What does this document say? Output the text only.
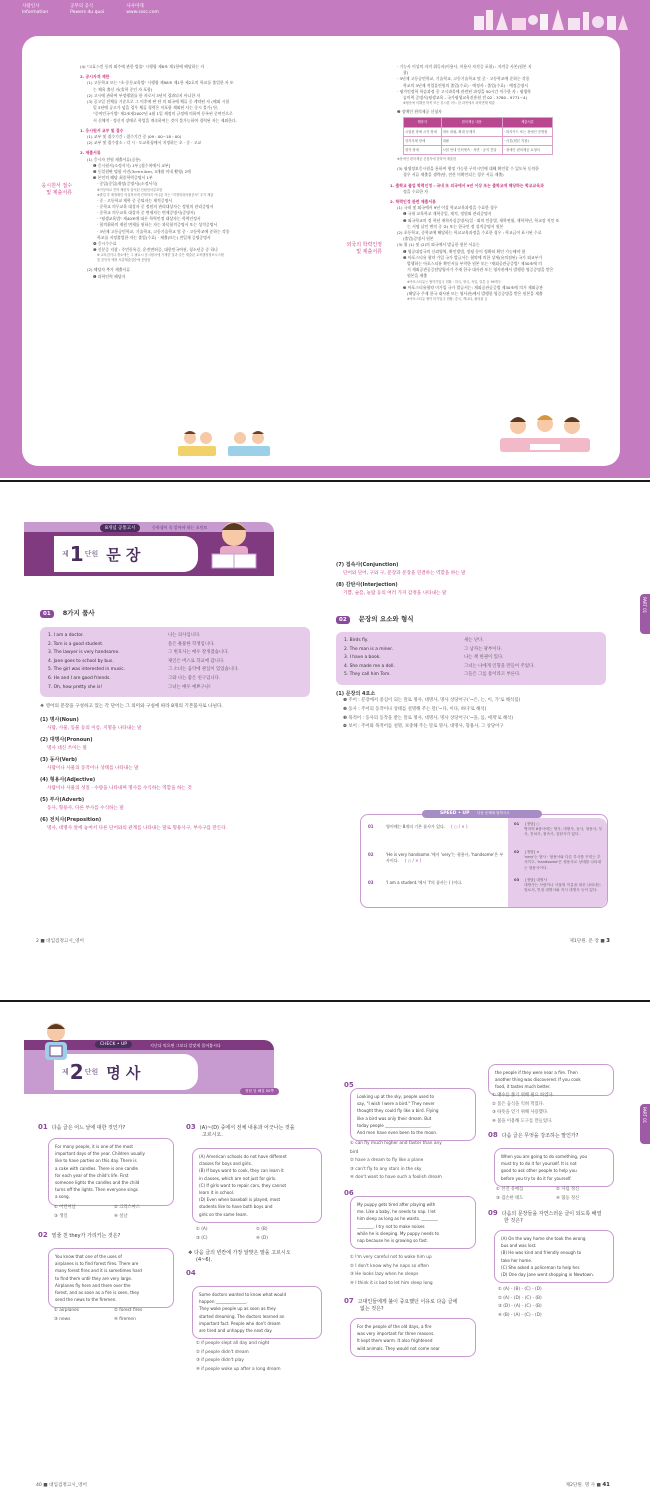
사람인사
Information
공무의 공식
Powers du quoi
사사미래
www.sssc.com
(4) "고효스킨 등의 외주에 관한 법률" 시행령 제8조 제1항에 해당하는 자
2. 공시자격 제한
(1) 고등학교 또는 "초·중등교육법" 시행령 제98조 제1항 제2호의 학교를 졸업한 자 또
는 체육 출신 자(휴학 중인 자 포함)
(2) 고시에 관하여 부정행위를 한 자로서 3년이 경과되지 아니한 자
(3) 공고일 전체를 기준으로 그 이후에 판 단 의 외국에 체류 중 계약된 자 (해외 시험
일 5년에 공고가 넘을 경우 체류 경력은 미포함 제외된 사는 중시 불가) 단,
"중여인국가법" 제2조제2007년 4월 1일 제정의 규정에 의하여 등록된 중여인으로
서 신체적 · 정신적 장애로 학업을 계속하여는 것이 불가능하여 경력된 자는 제외한다.
1. 응시원서 교부 및 접수
(1) 교부 및 접수기간 : 접수기간 중 (09 : 00~18 : 00)
(2) 교부 및 접수장소 : 각 시 · 도교육청에서 지정하는 초 · 중 · 고교
2. 제출서류
(1) 응시자 전원 제출서류(공통)
❶ 응시원서(소정서식) 1부 [접수처에서 교부]
❷ 동일원판 명함 사진(3cm×4cm, 3개월 이내 촬영) 2매
❸ 본인의 해당 최종학력증명서 1부
· 중입(중입)재정(증명서)(소정서식)
※이상학교 진학 제한자 출석된 인원선서류포함
※졸업 후 재정확인 의실적서에 진학하지 아니된 자는 "지정학과의원증서" 추가 제출
· 중 · 고등학교 재학 중 중퇴자는 제적증명서
· 중학교 의무교육 대상자 중 정원의 관리대상자는 정원의 관리증명서
· 중학교 의무교육 대상자 중 면제자는 면제증명서(증명서)
· "평생교육법" 제40조에 따른 학력인정 대상자는 학력인정서
· 합격취하의 재원 면제를 원하는 자는 과목합격증명서 또는 성적증명서
· 3년제 고등공민학교, 기술학교, 고등기술학교 및 중 · 고등학교에 준하는 각종
학교를 지정졸업한 자는 졸업(수료) · 제출(또는) 전일재 증명증명서
❹ 응시수수료
❺ 신분증 지참 : 주민등록증, 운전면허증, 대한민국여권, 청소년증 중 하나
※ 교육감이나 장소에는 그 필요시 응시원서에 기재한 것과 같은 제출된 교육행정정보시스템
및 본인의 예정 서류제출검증에 응답함
(2) 해당자 추가 제출서류
❶ 과학인력 해당자
응시원서 접수
및 제출서류
· 기능사 이상의 자격 취득자(이용사, 미용사 자격증 포함) : 자격증 사본(원본 지
참)
· 3년제 고등공민학교, 기술학교, 고등기술학교 및 중 · 고등학교에 준하는 각종
학교의 3년제 직업훈련원의 졸업(수료) · 예정자 : 졸업(수료) · 예정증명서
· 평가인정학 학습과정 중 고시과목에 관련된 과정을 50시간 이수한 자 : 평생학
습이력 증명서(평생교육 - 국가평생교육진흥원 전 02 - 3780 - 9771~4)
※평준에 의해선 학목 또는 휴시한 어느 한 과목에서 과학면제 제출
❷ 장애인 편의제공 신청자
해당자	편의제공 내용	제출서류
시험편 장애 시각 장애	대독 대필, 확대 문제지	· 복지카드 또는 장애인 증명원
상지지체 장애	대필	· 사본(원본 지참)
청각 장애	시험 안내 인터넷속 · 서면 · 공지 전달	· 장애인 편의제공 요청서
※장애인 편의제공 신청자에 한하여 제출함
(3) 평생정보응시원을 통하여 행정 가능한 구미시민에 대해 확인할 수 있도록 동의한
경우 서류 제출을 생략(단, 전산 미확인되는 경우 서류 제출)
1. 출학교 졸업 학력인정 : 국내 또 외국에서 9년 이상 또는 출학교에 해당하는 학교교육과
정을 수료한 자
2. 학력인정 관련 제출서류
(1) 국내 및 외국에서 9년 이상 학교교육과정을 수료한 경우
❶ 국내 교육학교 재학중일, 제적, 정원외 관리증명서
❷ 외국학교의 정 학년 재학사실증명서(일 · 외의 언종별, 재학연월, 재학학년, 학교장 직인 또
는 서명 날인 변의 중 ②) 또는 한국인 정 성적증명서 원본
(2) 초등학교, 중학교에 해당하는 학교교육과정을 수료한 경우 : 학교급이 표시된 수료
(졸업)증명서 원본
(3) 위 (1) 및 (2)의 외국에서 발급한 원본 서류는
❶ 영공대강국의 신뢰영역, 확인방법, 정평 등이 정확히 확인 가능해야 함
❷ 아포스티유 협약 가입 국가 발급서는 협약에 의한 상세(유의점된) 국가 외교부가
발행하는 아포스티유 확인서를 부착한 원본 또는 "재외공관공증법" 제30조에 의
거 재외공관공증담당영사가 주재 한국 대사관 또는 영사관에서 발행한 영증증명을 받은
원본을 제출
※아포스티유는 협약가입국 현황 : 미국, 영국, 독일, 일본 등 99개국
❸ 아포스티유협약 미가입 국가 발급서는: 재외공관공증법 제30조에 의거 재외공관
(해당국 주재 한국 대사관 또는 영사관)에서 발행한 영증증명을 받은 원본을 제출
※아포스티유 협약 미가입국 현황: 중국, 캐나다, 필리핀 등
외국의 학력인정
및 제출서류
8개념 공통고시	중학생이 꼭 알아야 하는 포인트
제 1 단원 문 장
01 8가지 품사
1. I am a doctor.	나는 의사입니다.
2. Tom is a good student.	톰은 훌륭한 학생입니다.
3. The lawyer is very handsome.	그 변호사는 매우 잘생겼습니다.
4. Jane goes to school by bus.	제인은 버스로 학교에 갑니다.
5. The girl was interested in music.	그 소녀는 음악에 관심이 있었습니다.
6. He and I are good friends.	그와 나는 좋은 친구입니다.
7. Oh, how pretty she is!	그녀는 매우 예쁘구나!
❖ 영어의 문장을 구성하고 있는 각 단어는 그 의미와 구실에 따라 8개의 기본품사로 나뉜다.
(1) 명사(Noun)
사람, 사물, 동물 등의 이름, 지명을 나타내는 말
(2) 대명사(Pronoun)
명사 대신 쓰이는 말
(3) 동사(Verb)
사람이나 사물의 동작이나 상태를 나타내는 말
(4) 형용사(Adjective)
사람이나 사물의 성질 · 수량을 나타내며 명사를 수식하는 역할을 하는 것
(5) 부사(Adverb)
동사, 형용사, 다른 부사를 수식하는 말
(6) 전치사(Preposition)
명사, 대명사 앞에 놓여서 다른 단어와의 관계를 나타내는 말로 형용사구, 부사구를 만든다.
(7) 접속사(Conjunction)
단어와 단어, 구와 구, 문장과 문장을 연결하는 역할을 하는 말
(8) 감탄사(Interjection)
기쁨, 슬픔, 놀람 등의 여러 가지 감정을 나타내는 말
02 문장의 요소와 형식
1. Birds fly.	새는 난다.
2. The man is a miner.	그 남자는 광부이다.
3. I have a book.	나는 책 한권이 있다.
4. She made me a doll.	그녀는 나에게 인형을 만들어 주었다.
5. They call him Tom.	그들은 그를 톰이라고 부른다.
(1) 문장의 4요소
❶ 주어 : 문장에서 중심이 되는 말로 명사, 대명사, 명사 상당어구('~은, 는, 이, 가'로 해석됨)
❷ 동사 : 주어의 동작이나 상태를 설명해 주는 말('~다, 이다, 하다'로 해석)
❸ 목적어 : 동사의 동작을 받는 말로 명사, 대명사, 명사 상당어구('~을, 를, 에게'로 해석)
❹ 보어 : 주어와 목적어를 설명, 보충해 주는 말로 명사, 대명사, 형용사, 그 상당어구
SPEED • UP 다음 문제에 답하시오
01	영어에는 8개의 기본 품사가 있다. ( ○ / × )	01 [정답] ○
영어의 8품사에는 명사, 대명사, 동사, 형용사, 부사, 전치사, 접속사, 감탄사가 있다.
02	'He is very handsome.'에서 'very'는 형용사, 'handsome'은 부사이다. ( ○ / × )
02 [정답] ×
'very'는 형사 · 형용사와 다른 부사를 꾸미는 부사이고, 'handsome'은 형용사로 상태를 나타내는 형용사이다.
03	'I am a student.'에서 'I'의 품사는 ( )이다.	03 [정답] 대명사
대명사는 사람이나 사물의 이름을 대신 나타내는 말로서, 인칭 대명사와 지시 대명사 등이 있다.
PART 01
2 ■ 대입검정고시_영어	제1단원. 문 장 ■ 3
CHECK • UP	지난다 익으면 그보다 알맞게 풀어봅시다
제 2 단원 명 사
정답 및 해설 00쪽
01 다음 글은 어느 날에 대한 것인가?
For many people, it is one of the most
important days of the year. Children usually
like to have parties on this day. There is
a cake with candles. There is one candle
for each year of the child's life. First
someone lights the candles and the child
turns off the lights. Then everyone sings
a song.
① 어린이날	② 크리스마스
③ 생일	④ 설날
02 밑줄 친 they가 가리키는 것은?
You know that one of the uses of
airplanes is to find forest fires. There are
many forest fires and it is sometimes hard
to find them until they are very large.
Airplanes fly here and there over the
forest, and as soon as a fire is seen, they
send the news to the firemen.
① airplanes	② forest fires
③ news	④ firemen
03 (A)~(D) 중에서 전체 내용과 어긋나는 것을
고르시오.
(A) American schools do not have different
classes for boys and girls.
(B) If boys want to cook, they can learn it
in classes, which are not just for girls.
(C) If girls want to repair cars, they cannot
learn it in school.
(D) Even when baseball is played, most
students like to have both boys and
girls on the same team.
① (A)	② (B)
③ (C)	④ (D)
❖ 다음 글의 빈칸에 가장 알맞은 말을 고르시오
(4~6).
04
Some doctors wanted to know what would
happen _______________.
They woke people up as soon as they
started dreaming. The doctors learned an
important fact. People who don't dream
are tired and unhappy the next day.
① if people slept all day and night
② if people didn't dream
③ if people didn't play
④ if people woke up after a long dream
05
Looking up at the sky, people used to
say, "I wish I were a bird." They never
thought they could fly like a bird. Flying
like a bird was only their dream. But
today people ______________________.
And men have even been to the moon.
① can fly much higher and faster than any
bird
② have a dream to fly like a plane
③ can't fly to any stars in the sky
④ don't want to have such a foolish dream
06
My puppy gets tired after playing with
me. Like a baby, he needs to nap. I let
him sleep as long as he wants. ________
________. I try not to make noises
while he is sleeping. My puppy needs to
nap because he is growing so fast.
① I'm very careful not to wake him up
② I don't know why he naps so often
③ He looks lazy when he sleeps
④ I think it is bad to let him sleep long
07 고대인들에게 불이 중요했던 이유로 다음 글에
없는 것은?
For the people of the old days, a fire
was very important for three reasons.
It kept them warm. It also frightened
wild animals. They would not come near
the people if they were near a fire. Then
another thing was discovered. If you cook
food, it tastes much better.
① 맹수를 쫓기 위해 필요 하였다.
② 몸은 음식을 익혀 먹었다.
③ 따뜻을 얻기 위해 사용했다.
④ 불을 이용해 도구를 만들었다.
08 다음 글은 무엇을 강조하는 말인가?
When you are going to do something, you
must try to do it for yourself. It is not
good to ask other people to help you
before you try to do it for yourself.
① 선견 유애심	② 자립 정신
③ 겸손한 태도	④ 협동 정신
09 다음의 문장들을 자연스러운 글이 되도록 배열
한 것은?
(A) On the way home she took the wrong
bus and was lost.
(B) He was kind and friendly enough to
take her home.
(C) She asked a policeman to help her.
(D) One day Jane went shopping in Newtown.
① (A) - (B) - (C) - (D)
② (A) - (D) - (C) - (B)
③ (D) - (A) - (C) - (B)
④ (B) - (A) - (C) - (D)
PART 01
40 ■ 대입검정고시_영어	제2단원. 명 사 ■ 41
